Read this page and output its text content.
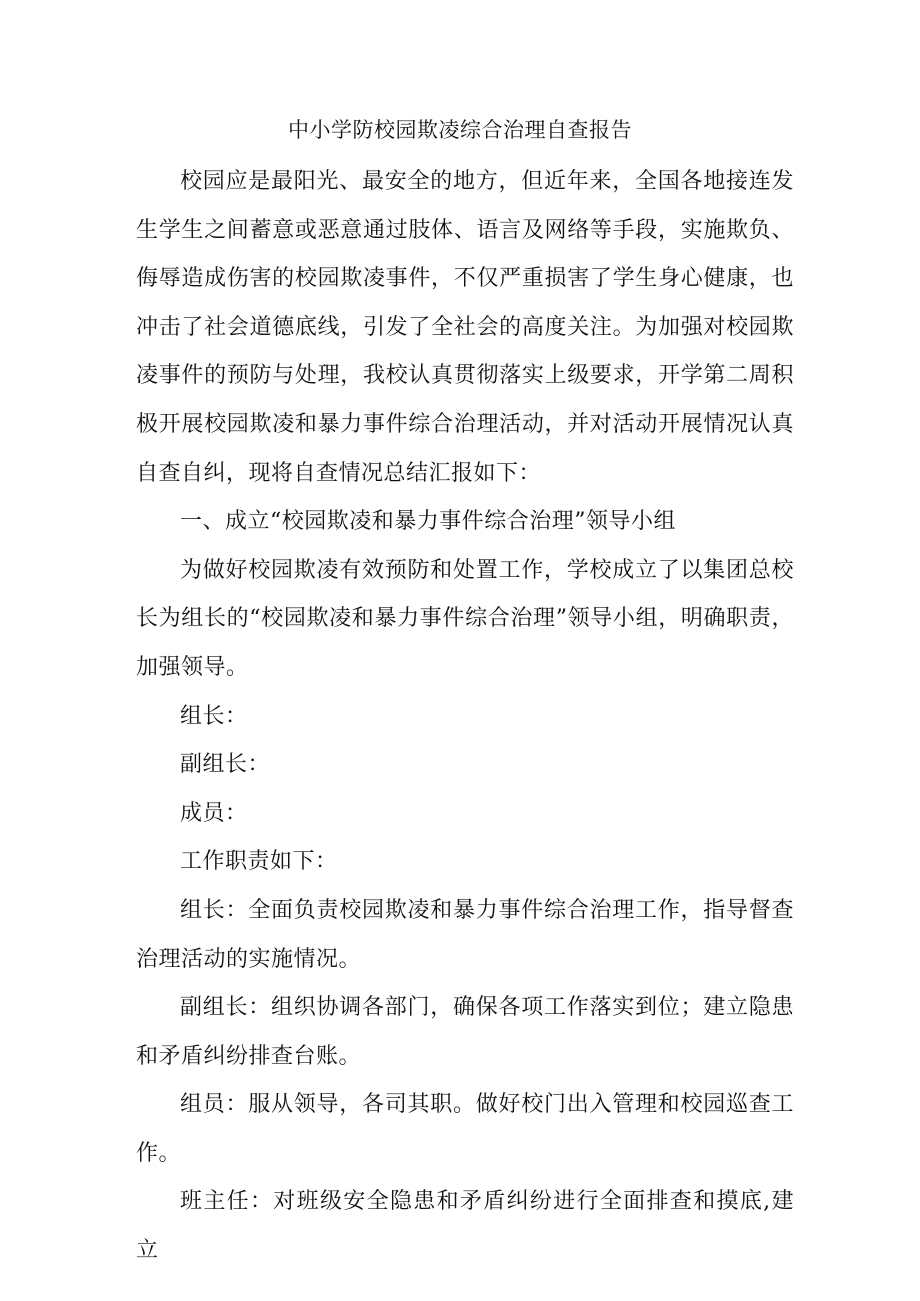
中小学防校园欺凌综合治理自查报告

校园应是最阳光、最安全的地方，但近年来，全国各地接连发生学生之间蓄意或恶意通过肢体、语言及网络等手段，实施欺负、侮辱造成伤害的校园欺凌事件，不仅严重损害了学生身心健康，也冲击了社会道德底线，引发了全社会的高度关注。为加强对校园欺凌事件的预防与处理，我校认真贯彻落实上级要求，开学第二周积极开展校园欺凌和暴力事件综合治理活动，并对活动开展情况认真自查自纠，现将自查情况总结汇报如下：

一、成立“校园欺凌和暴力事件综合治理”领导小组

为做好校园欺凌有效预防和处置工作，学校成立了以集团总校长为组长的“校园欺凌和暴力事件综合治理”领导小组，明确职责，加强领导。

组长：

副组长：

成员：

工作职责如下：

组长：全面负责校园欺凌和暴力事件综合治理工作，指导督查治理活动的实施情况。

副组长：组织协调各部门，确保各项工作落实到位；建立隐患和矛盾纠纷排查台账。

组员：服从领导，各司其职。做好校门出入管理和校园巡查工作。

班主任：对班级安全隐患和矛盾纠纷进行全面排查和摸底,建立
